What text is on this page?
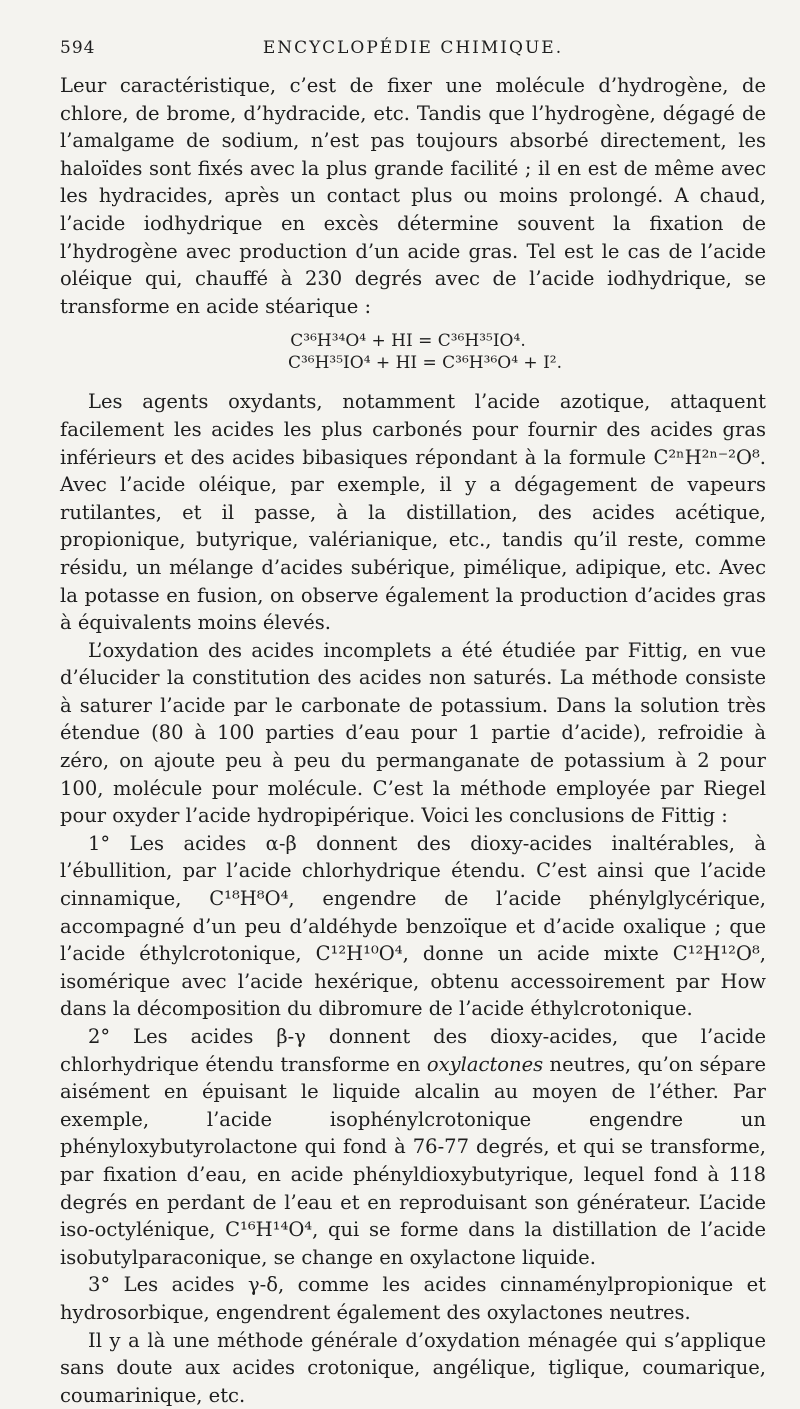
594	ENCYCLOPÉDIE CHIMIQUE.

Leur caractéristique, c’est de fixer une molécule d’hydrogène, de chlore, de brome, d’hydracide, etc. Tandis que l’hydrogène, dégagé de l’amalgame de sodium, n’est pas toujours absorbé directement, les haloïdes sont fixés avec la plus grande facilité ; il en est de même avec les hydracides, après un contact plus ou moins prolongé. A chaud, l’acide iodhydrique en excès détermine souvent la fixation de l’hydrogène avec production d’un acide gras. Tel est le cas de l’acide oléique qui, chauffé à 230 degrés avec de l’acide iodhydrique, se transforme en acide stéarique :

C³⁶H³⁴O⁴ + HI = C³⁶H³⁵IO⁴.
C³⁶H³⁵IO⁴ + HI = C³⁶H³⁶O⁴ + I².

Les agents oxydants, notamment l’acide azotique, attaquent facilement les acides les plus carbonés pour fournir des acides gras inférieurs et des acides bibasiques répondant à la formule C²ⁿH²ⁿ⁻²O⁸. Avec l’acide oléique, par exemple, il y a dégagement de vapeurs rutilantes, et il passe, à la distillation, des acides acétique, propionique, butyrique, valérianique, etc., tandis qu’il reste, comme résidu, un mélange d’acides subérique, pimélique, adipique, etc. Avec la potasse en fusion, on observe également la production d’acides gras à équivalents moins élevés.

L’oxydation des acides incomplets a été étudiée par Fittig, en vue d’élucider la constitution des acides non saturés. La méthode consiste à saturer l’acide par le carbonate de potassium. Dans la solution très étendue (80 à 100 parties d’eau pour 1 partie d’acide), refroidie à zéro, on ajoute peu à peu du permanganate de potassium à 2 pour 100, molécule pour molécule. C’est la méthode employée par Riegel pour oxyder l’acide hydropipérique. Voici les conclusions de Fittig :

1° Les acides α-β donnent des dioxy-acides inaltérables, à l’ébullition, par l’acide chlorhydrique étendu. C’est ainsi que l’acide cinnamique, C¹⁸H⁸O⁴, engendre de l’acide phénylglycérique, accompagné d’un peu d’aldéhyde benzoïque et d’acide oxalique ; que l’acide éthylcrotonique, C¹²H¹⁰O⁴, donne un acide mixte C¹²H¹²O⁸, isomérique avec l’acide hexérique, obtenu accessoirement par How dans la décomposition du dibromure de l’acide éthylcrotonique.

2° Les acides β-γ donnent des dioxy-acides, que l’acide chlorhydrique étendu transforme en oxylactones neutres, qu’on sépare aisément en épuisant le liquide alcalin au moyen de l’éther. Par exemple, l’acide isophénylcrotonique engendre un phényloxybutyrolactone qui fond à 76-77 degrés, et qui se transforme, par fixation d’eau, en acide phényldioxybutyrique, lequel fond à 118 degrés en perdant de l’eau et en reproduisant son générateur. L’acide iso-octylénique, C¹⁶H¹⁴O⁴, qui se forme dans la distillation de l’acide isobutylparaconique, se change en oxylactone liquide.

3° Les acides γ-δ, comme les acides cinnaménylpropionique et hydrosorbique, engendrent également des oxylactones neutres.

Il y a là une méthode générale d’oxydation ménagée qui s’applique sans doute aux acides crotonique, angélique, tiglique, coumarique, coumarinique, etc.
